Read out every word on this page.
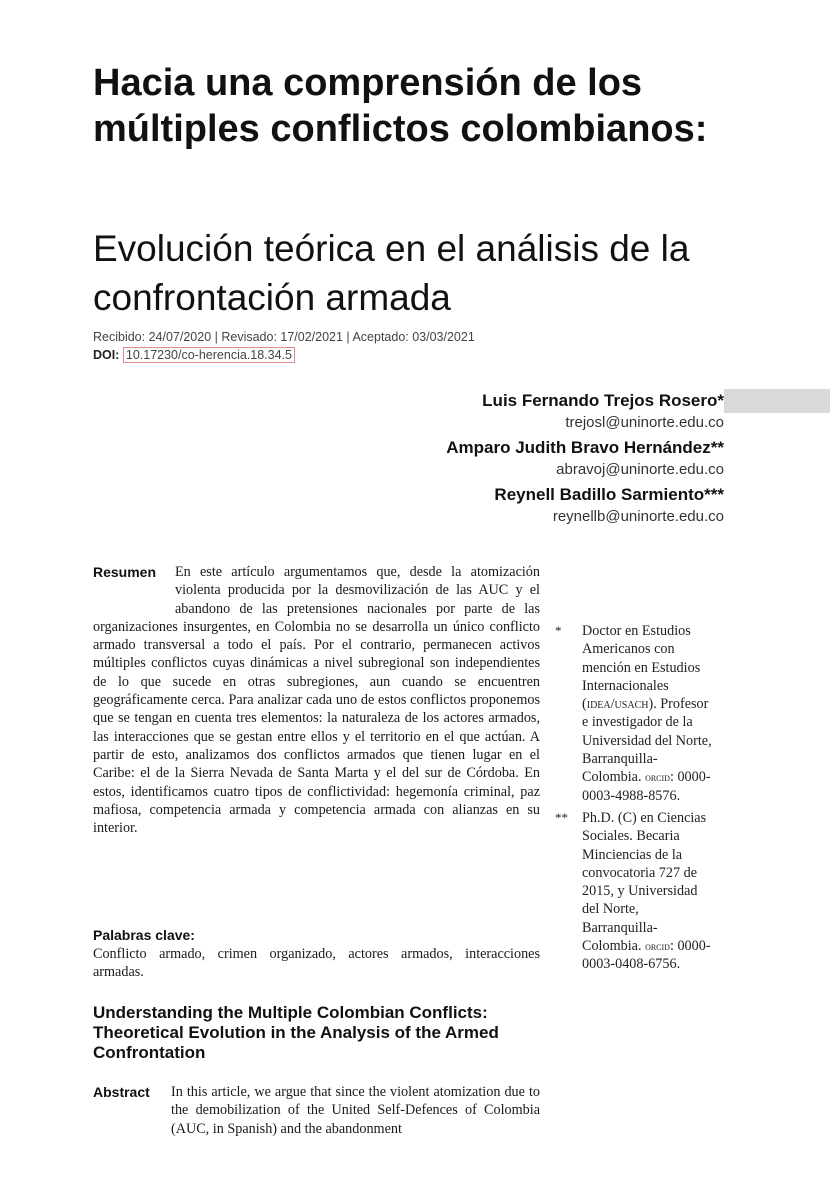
Hacia una comprensión de los múltiples conflictos colombianos:
Evolución teórica en el análisis de la confrontación armada
Recibido: 24/07/2020 | Revisado: 17/02/2021 | Aceptado: 03/03/2021
DOI: 10.17230/co-herencia.18.34.5
Luis Fernando Trejos Rosero*
trejosl@uninorte.edu.co
Amparo Judith Bravo Hernández**
abravoj@uninorte.edu.co
Reynell Badillo Sarmiento***
reynellb@uninorte.edu.co

Resumen	En este artículo argumentamos que, desde la atomización violenta producida por la desmovilización de las AUC y el abandono de las pretensiones nacionales por parte de las organizaciones insurgentes, en Colombia no se desarrolla un único conflicto armado transversal a todo el país. Por el contrario, permanecen activos múltiples conflictos cuyas dinámicas a nivel subregional son independientes de lo que sucede en otras subregiones, aun cuando se encuentren geográficamente cerca. Para analizar cada uno de estos conflictos proponemos que se tengan en cuenta tres elementos: la naturaleza de los actores armados, las interacciones que se gestan entre ellos y el territorio en el que actúan. A partir de esto, analizamos dos conflictos armados que tienen lugar en el Caribe: el de la Sierra Nevada de Santa Marta y el del sur de Córdoba. En estos, identificamos cuatro tipos de conflictividad: hegemonía criminal, paz mafiosa, competencia armada y competencia armada con alianzas en su interior.

Palabras clave:

Conflicto armado, crimen organizado, actores armados, interacciones armadas.

Understanding the Multiple Colombian Conflicts: Theoretical Evolution in the Analysis of the Armed Confrontation

Abstract	In this article, we argue that since the violent atomization due to the demobilization of the United Self-Defences of Colombia (AUC, in Spanish) and the abandonment

* Doctor en Estudios Americanos con mención en Estudios Internacionales (idea/usach). Profesor e investigador de la Universidad del Norte, Barranquilla-Colombia. orcid: 0000-0003-4988-8576.
** Ph.D. (C) en Ciencias Sociales. Becaria Minciencias de la convocatoria 727 de 2015, y Universidad del Norte, Barranquilla-Colombia. orcid: 0000-0003-0408-6756.
